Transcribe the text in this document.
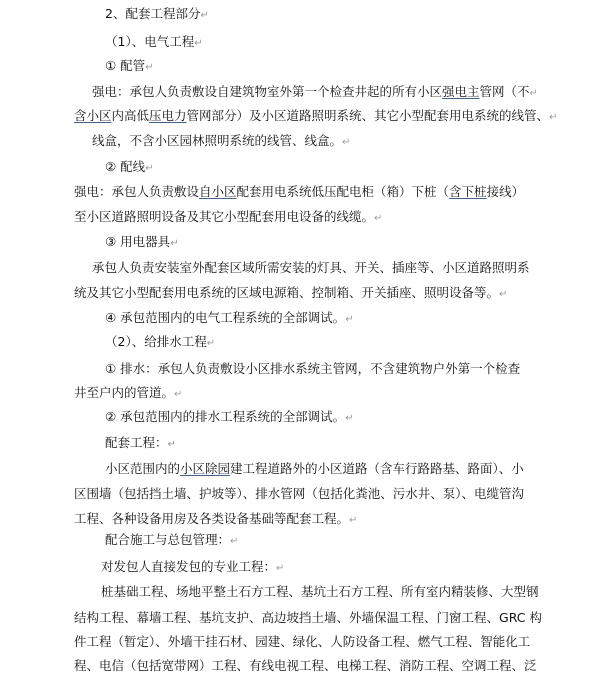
2、配套工程部分↵
（1）、电气工程↵
① 配管↵
强电：承包人负责敷设自建筑物室外第一个检查井起的所有小区强电主管网（不↵
含小区内高低压电力管网部分）及小区道路照明系统、其它小型配套用电系统的线管、↵
线盒，不含小区园林照明系统的线管、线盒。↵
② 配线↵
强电：承包人负责敷设自小区配套用电系统低压配电柜（箱）下桩（含下桩接线）
至小区道路照明设备及其它小型配套用电设备的线缆。↵
③ 用电器具↵
承包人负责安装室外配套区域所需安装的灯具、开关、插座等、小区道路照明系
统及其它小型配套用电系统的区域电源箱、控制箱、开关插座、照明设备等。↵
④ 承包范围内的电气工程系统的全部调试。↵
（2）、给排水工程↵
① 排水：承包人负责敷设小区排水系统主管网，不含建筑物户外第一个检查
井至户内的管道。↵
② 承包范围内的排水工程系统的全部调试。↵
配套工程：↵
小区范围内的小区除园建工程道路外的小区道路（含车行路路基、路面）、小
区围墙（包括挡土墙、护坡等）、排水管网（包括化粪池、污水井、泵）、电缆管沟
工程、各种设备用房及各类设备基础等配套工程。↵
配合施工与总包管理：↵
对发包人直接发包的专业工程：↵
桩基础工程、场地平整土石方工程、基坑土石方工程、所有室内精装修、大型钢
结构工程、幕墙工程、基坑支护、高边坡挡土墙、外墙保温工程、门窗工程、GRC 构
件工程（暂定）、外墙干挂石材、园建、绿化、人防设备工程、燃气工程、智能化工
程、电信（包括宽带网）工程、有线电视工程、电梯工程、消防工程、空调工程、泛
